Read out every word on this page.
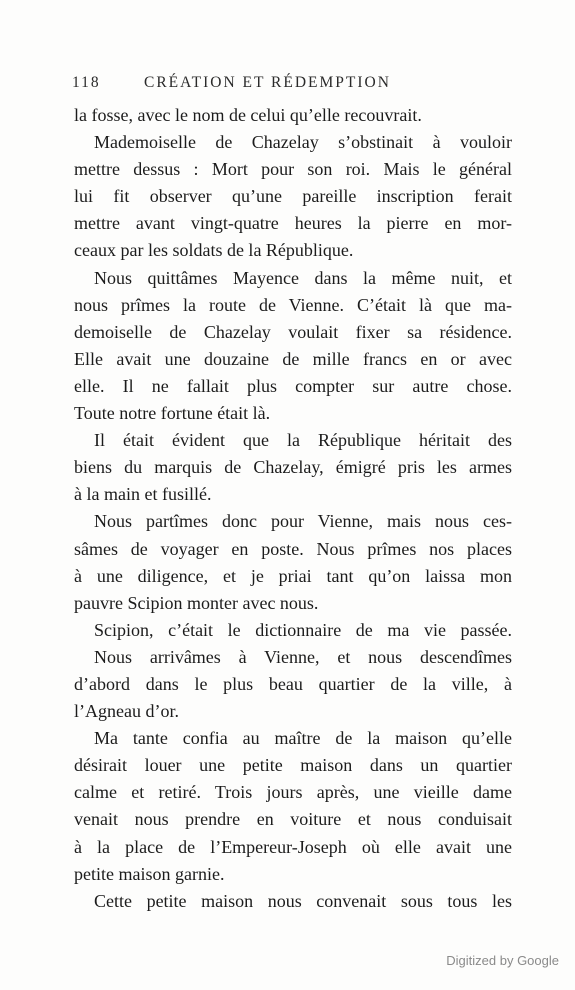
118	CRÉATION ET RÉDEMPTION
la fosse, avec le nom de celui qu’elle recouvrait.
Mademoiselle de Chazelay s’obstinait à vouloir
mettre dessus : Mort pour son roi. Mais le général
lui fit observer qu’une pareille inscription ferait
mettre avant vingt-quatre heures la pierre en mor-
ceaux par les soldats de la République.
Nous quittâmes Mayence dans la même nuit, et
nous prîmes la route de Vienne. C’était là que ma-
demoiselle de Chazelay voulait fixer sa résidence.
Elle avait une douzaine de mille francs en or avec
elle. Il ne fallait plus compter sur autre chose.
Toute notre fortune était là.
Il était évident que la République héritait des
biens du marquis de Chazelay, émigré pris les armes
à la main et fusillé.
Nous partîmes donc pour Vienne, mais nous ces-
sâmes de voyager en poste. Nous prîmes nos places
à une diligence, et je priai tant qu’on laissa mon
pauvre Scipion monter avec nous.
Scipion, c’était le dictionnaire de ma vie passée.
Nous arrivâmes à Vienne, et nous descendîmes
d’abord dans le plus beau quartier de la ville, à
l’Agneau d’or.
Ma tante confia au maître de la maison qu’elle
désirait louer une petite maison dans un quartier
calme et retiré. Trois jours après, une vieille dame
venait nous prendre en voiture et nous conduisait
à la place de l’Empereur-Joseph où elle avait une
petite maison garnie.
Cette petite maison nous convenait sous tous les
Digitized by Google
